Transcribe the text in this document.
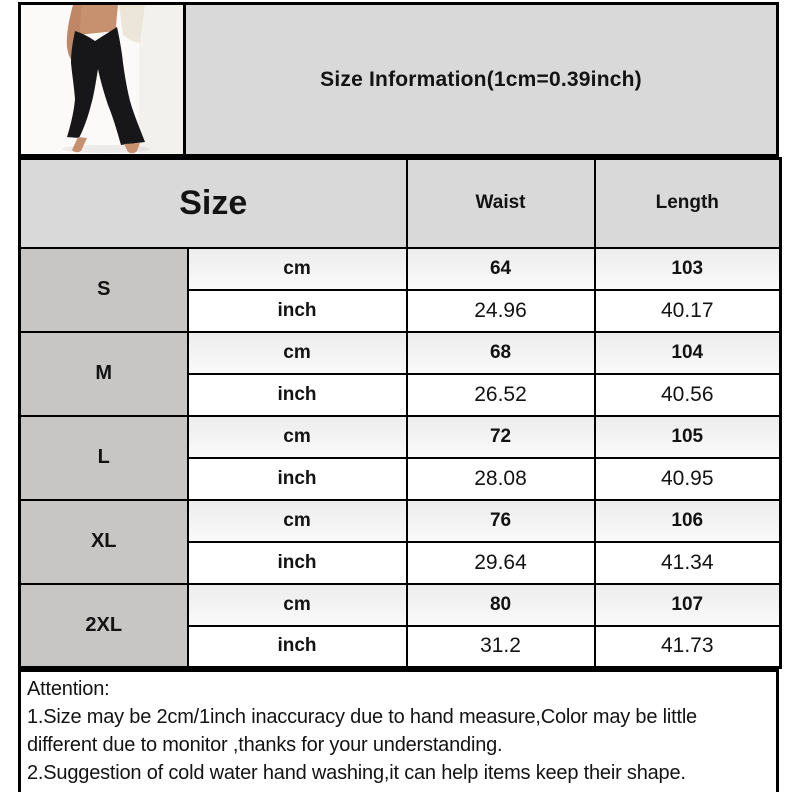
Size Information(1cm=0.39inch)
Size		Waist	Length
S	cm	64	103
	inch	24.96	40.17
M	cm	68	104
	inch	26.52	40.56
L	cm	72	105
	inch	28.08	40.95
XL	cm	76	106
	inch	29.64	41.34
2XL	cm	80	107
	inch	31.2	41.73
Attention:
1.Size may be 2cm/1inch inaccuracy due to hand measure,Color may be little different due to monitor ,thanks for your understanding.
2.Suggestion of cold water hand washing,it can help items keep their shape.
